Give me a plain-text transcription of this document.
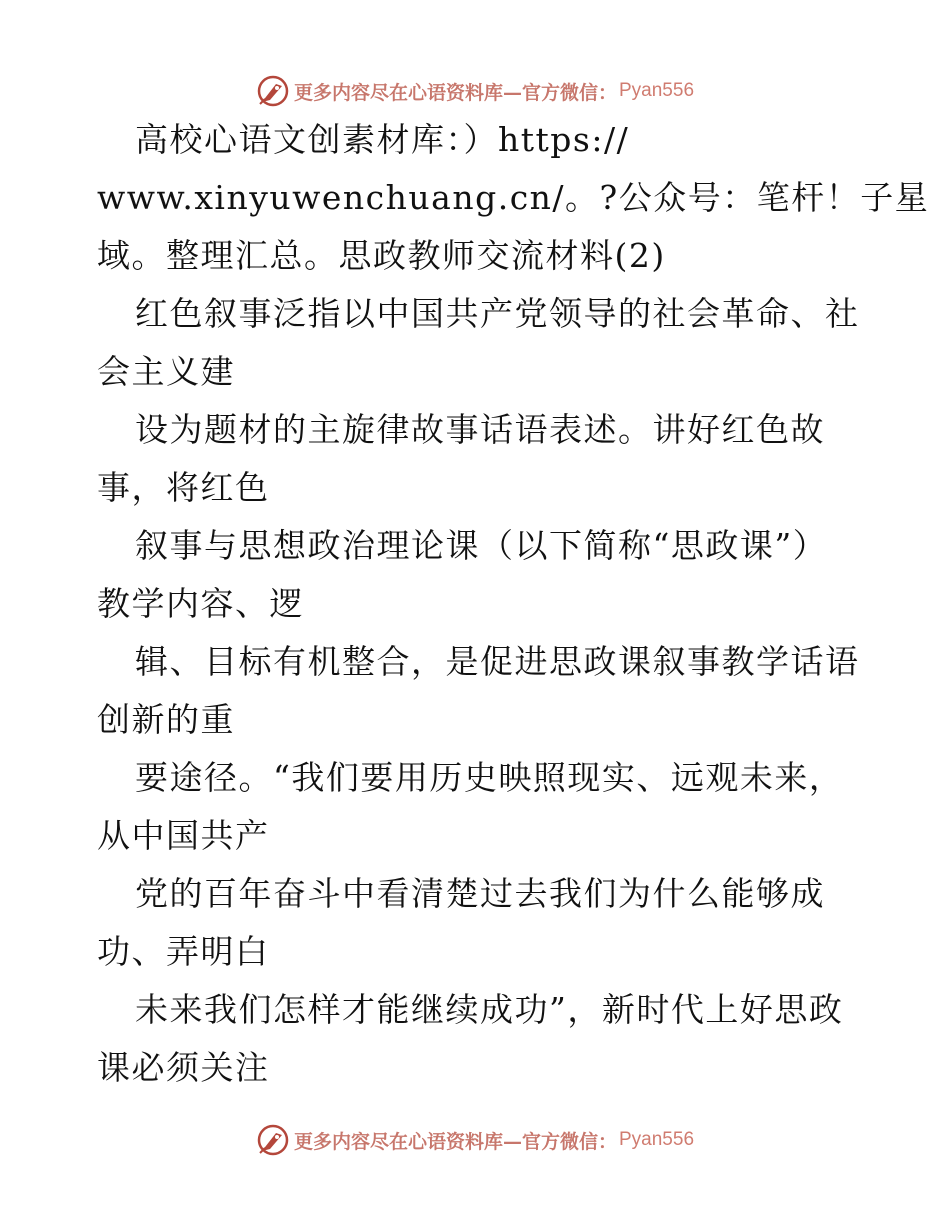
更多内容尽在心语资料库—官方微信： Pyan556
高校心语文创素材库：）https://
www.xinyuwenchuang.cn/。?公众号：笔杆！子星
域。整理汇总。思政教师交流材料(2)
红色叙事泛指以中国共产党领导的社会革命、社
会主义建
设为题材的主旋律故事话语表述。讲好红色故
事，将红色
叙事与思想政治理论课（以下简称“思政课”）
教学内容、逻
辑、目标有机整合，是促进思政课叙事教学话语
创新的重
要途径。“我们要用历史映照现实、远观未来，
从中国共产
党的百年奋斗中看清楚过去我们为什么能够成
功、弄明白
未来我们怎样才能继续成功”，新时代上好思政
课必须关注
更多内容尽在心语资料库—官方微信： Pyan556
